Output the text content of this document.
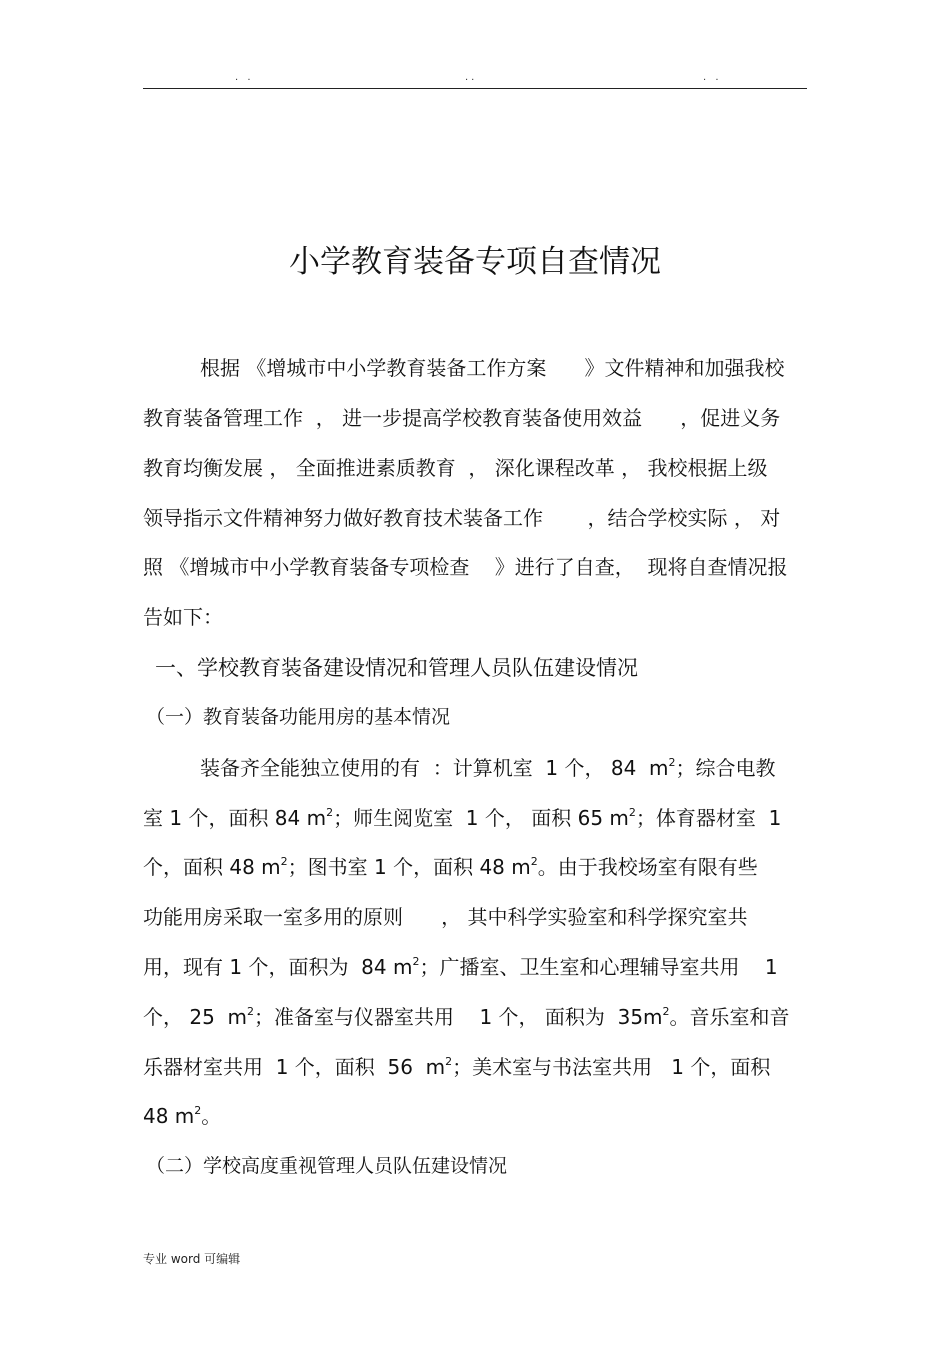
. .	..	. .
小学教育装备专项自查情况
根据 《增城市中小学教育装备工作方案      》文件精神和加强我校
教育装备管理工作  ， 进一步提高学校教育装备使用效益      ，促进义务
教育均衡发展 ， 全面推进素质教育  ， 深化课程改革 ， 我校根据上级
领导指示文件精神努力做好教育技术装备工作       ，结合学校实际 ， 对
照 《增城市中小学教育装备专项检查    》进行了自查，  现将自查情况报
告如下：
一、学校教育装备建设情况和管理人员队伍建设情况
（一）教育装备功能用房的基本情况
装备齐全能独立使用的有  ：计算机室  1 个， 84  $m^2$；综合电教
室 1 个，面积 84 $m^2$；师生阅览室  1 个， 面积 65 $m^2$；体育器材室  1
个，面积 48 $m^2$；图书室 1 个，面积 48 $m^2$。由于我校场室有限有些
功能用房采取一室多用的原则      ， 其中科学实验室和科学探究室共
用，现有 1 个，面积为  84 $m^2$；广播室、卫生室和心理辅导室共用    1
个， 25  $m^2$；准备室与仪器室共用    1 个， 面积为  $35m^2$。音乐室和音
乐器材室共用  1 个，面积  56  $m^2$；美术室与书法室共用   1 个，面积
48 $m^2$。
（二）学校高度重视管理人员队伍建设情况
专业 word 可编辑
